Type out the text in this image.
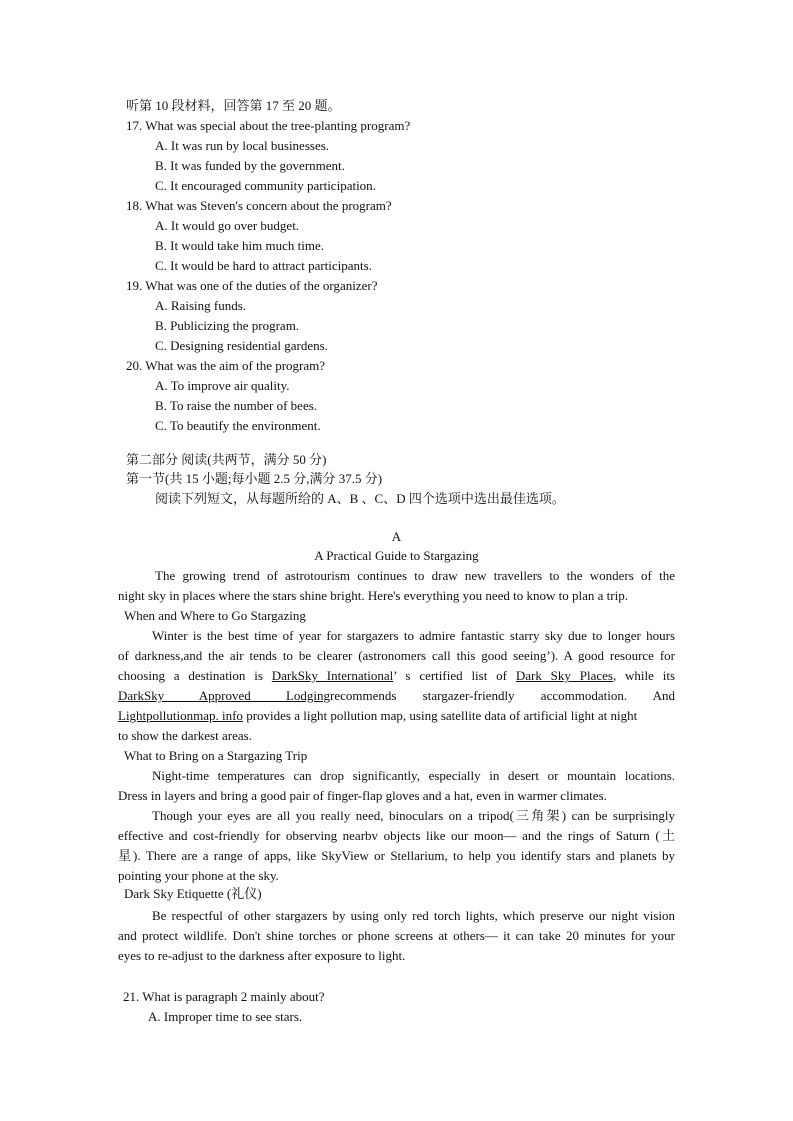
听第 10 段材料，回答第 17 至 20 题。
17. What was special about the tree-planting program?
A. It was run by local businesses.
B. It was funded by the government.
C. It encouraged community participation.
18. What was Steven's concern about the program?
A. It would go over budget.
B. It would take him much time.
C. It would be hard to attract participants.
19. What was one of the duties of the organizer?
A. Raising funds.
B. Publicizing the program.
C. Designing residential gardens.
20. What was the aim of the program?
A. To improve air quality.
B. To raise the number of bees.
C. To beautify the environment.
第二部分 阅读(共两节，满分 50 分)
第一节(共 15 小题;每小题 2.5 分,满分 37.5 分)
阅读下列短文，从每题所给的 A、B 、C、D 四个选项中选出最佳选项。
A
A Practical Guide to Stargazing
The growing trend of astrotourism continues to draw new travellers to the wonders of the
night sky in places where the stars shine bright. Here's everything you need to know to plan a trip.
When and Where to Go Stargazing
Winter is the best time of year for stargazers to admire fantastic starry sky due to longer hours
of darkness,and the air tends to be clearer (astronomers call this good seeing’). A good resource for
choosing a destination is DarkSky International’ s certified list of Dark Sky Places, while its
DarkSky Approved Lodging recommends stargazer-friendly accommodation. And
Lightpollutionmap. info provides a light pollution map, using satellite data of artificial light at night
to show the darkest areas.
What to Bring on a Stargazing Trip
Night-time temperatures can drop significantly, especially in desert or mountain locations.
Dress in layers and bring a good pair of finger-flap gloves and a hat, even in warmer climates.
Though your eyes are all you really need, binoculars on a tripod(三角架) can be surprisingly
effective and cost-friendly for observing nearbv objects like our moon— and the rings of Saturn (土
星). There are a range of apps, like SkyView or Stellarium, to help you identify stars and planets by
pointing your phone at the sky.
Dark Sky Etiquette (礼仪)
Be respectful of other stargazers by using only red torch lights, which preserve our night vision
and protect wildlife. Don't shine torches or phone screens at others— it can take 20 minutes for your
eyes to re-adjust to the darkness after exposure to light.
21. What is paragraph 2 mainly about?
A. Improper time to see stars.
